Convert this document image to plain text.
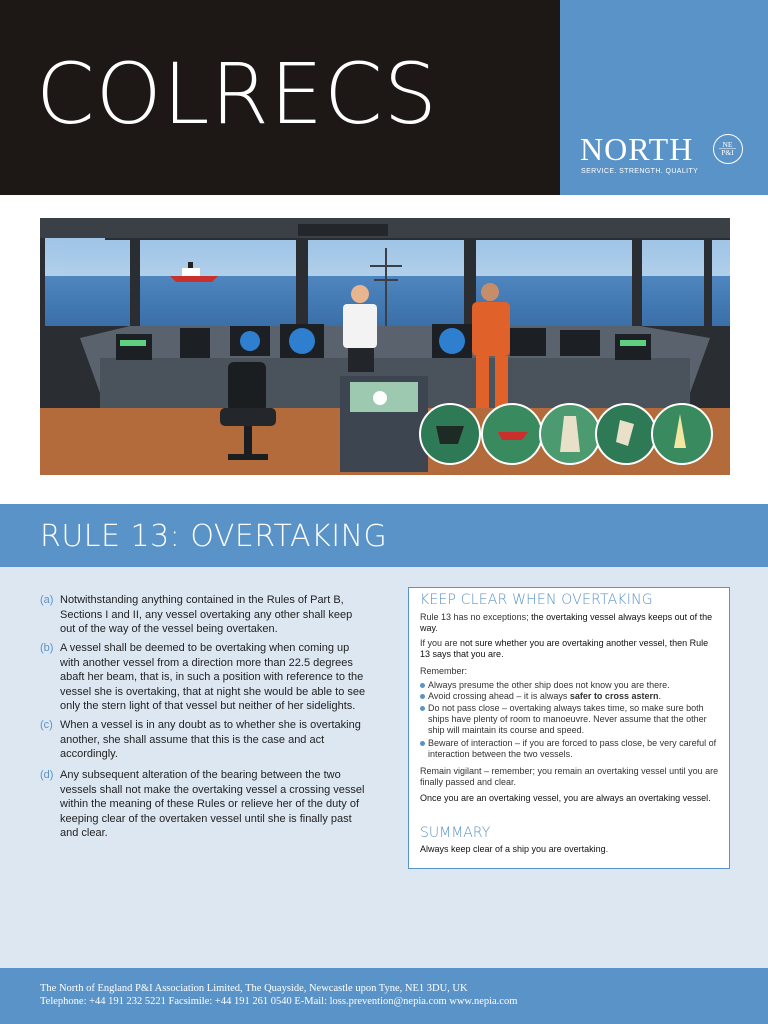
COLRECS
NORTH	NE
P&I
SERVICE. STRENGTH. QUALITY
RULE 13: OVERTAKING
(a) Notwithstanding anything contained in the Rules of Part B, Sections I and II, any vessel overtaking any other shall keep out of the way of the vessel being overtaken.
(b) A vessel shall be deemed to be overtaking when coming up with another vessel from a direction more than 22.5 degrees abaft her beam, that is, in such a position with reference to the vessel she is overtaking, that at night she would be able to see only the stern light of that vessel but neither of her sidelights.
(c) When a vessel is in any doubt as to whether she is overtaking another, she shall assume that this is the case and act accordingly.
(d) Any subsequent alteration of the bearing between the two vessels shall not make the overtaking vessel a crossing vessel within the meaning of these Rules or relieve her of the duty of keeping clear of the overtaken vessel until she is finally past and clear.
KEEP CLEAR WHEN OVERTAKING
Rule 13 has no exceptions; the overtaking vessel always keeps out of the way.
If you are not sure whether you are overtaking another vessel, then Rule 13 says that you are.
Remember:
Always presume the other ship does not know you are there.
Avoid crossing ahead – it is always safer to cross astern.
Do not pass close – overtaking always takes time, so make sure both ships have plenty of room to manoeuvre. Never assume that the other ship will maintain its course and speed.
Beware of interaction – if you are forced to pass close, be very careful of interaction between the two vessels.
Remain vigilant – remember; you remain an overtaking vessel until you are finally passed and clear.
Once you are an overtaking vessel, you are always an overtaking vessel.
SUMMARY
Always keep clear of a ship you are overtaking.
The North of England P&I Association Limited, The Quayside, Newcastle upon Tyne, NE1 3DU, UK
Telephone: +44 191 232 5221 Facsimile: +44 191 261 0540 E-Mail: loss.prevention@nepia.com www.nepia.com
